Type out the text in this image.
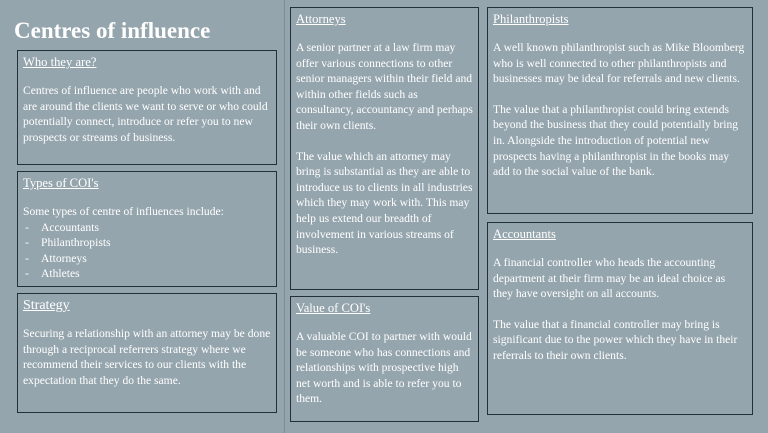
Centres of influence
Who they are?

Centres of influence are people who work with and are around the clients we want to serve or who could potentially connect, introduce or refer you to new prospects or streams of business.

Types of COI's

Some types of centre of influences include:

- Accountants
- Philanthropists
- Attorneys
- Athletes
Strategy

Securing a relationship with an attorney may be done through a reciprocal referrers strategy where we recommend their services to our clients with the expectation that they do the same.

Attorneys

A senior partner at a law firm may offer various connections to other senior managers within their field and within other fields such as consultancy, accountancy and perhaps their own clients.

The value which an attorney may bring is substantial as they are able to introduce us to clients in all industries which they may work with. This may help us extend our breadth of involvement in various streams of business.

Value of COI's

A valuable COI to partner with would be someone who has connections and relationships with prospective high net worth and is able to refer you to them.

Philanthropists

A well known philanthropist such as Mike Bloomberg who is well connected to other philanthropists and businesses may be ideal for referrals and new clients.

The value that a philanthropist could bring extends beyond the business that they could potentially bring in. Alongside the introduction of potential new prospects having a philanthropist in the books may add to the social value of the bank.

Accountants

A financial controller who heads the accounting department at their firm may be an ideal choice as they have oversight on all accounts.

The value that a financial controller may bring is significant due to the power which they have in their referrals to their own clients.
